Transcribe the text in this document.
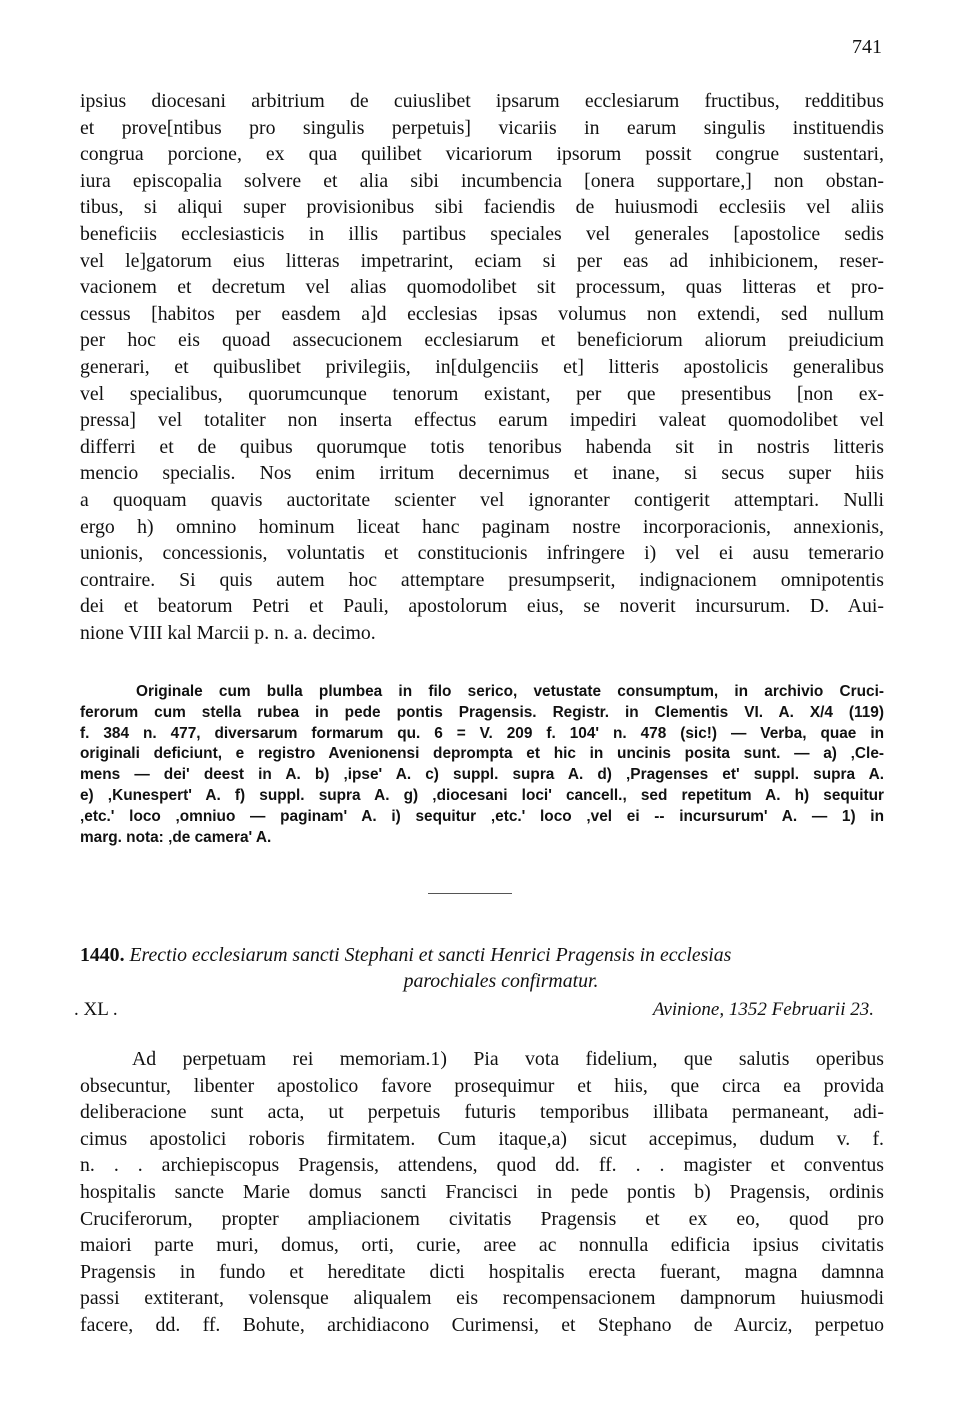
741
ipsius diocesani arbitrium de cuiuslibet ipsarum ecclesiarum fructibus, redditibus
et prove[ntibus pro singulis perpetuis] vicariis in earum singulis instituendis
congrua porcione, ex qua quilibet vicariorum ipsorum possit congrue sustentari,
iura episcopalia solvere et alia sibi incumbencia [onera supportare,] non obstan-
tibus, si aliqui super provisionibus sibi faciendis de huiusmodi ecclesiis vel aliis
beneficiis ecclesiasticis in illis partibus speciales vel generales [apostolice sedis
vel le]gatorum eius litteras impetrarint, eciam si per eas ad inhibicionem, reser-
vacionem et decretum vel alias quomodolibet sit processum, quas litteras et pro-
cessus [habitos per easdem a]d ecclesias ipsas volumus non extendi, sed nullum
per hoc eis quoad assecucionem ecclesiarum et beneficiorum aliorum preiudicium
generari, et quibuslibet privilegiis, in[dulgenciis et] litteris apostolicis generalibus
vel specialibus, quorumcunque tenorum existant, per que presentibus [non ex-
pressa] vel totaliter non inserta effectus earum impediri valeat quomodolibet vel
differri et de quibus quorumque totis tenoribus habenda sit in nostris litteris
mencio specialis. Nos enim irritum decernimus et inane, si secus super hiis
a quoquam quavis auctoritate scienter vel ignoranter contigerit attemptari. Nulli
ergo h) omnino hominum liceat hanc paginam nostre incorporacionis, annexionis,
unionis, concessionis, voluntatis et constitucionis infringere i) vel ei ausu temerario
contraire. Si quis autem hoc attemptare presumpserit, indignacionem omnipotentis
dei et beatorum Petri et Pauli, apostolorum eius, se noverit incursurum. D. Aui-
nione VIII kal Marcii p. n. a. decimo.
Originale cum bulla plumbea in filo serico, vetustate consumptum, in archivio Cruci-
ferorum cum stella rubea in pede pontis Pragensis. Registr. in Clementis VI. A. X/4 (119)
f. 384 n. 477, diversarum formarum qu. 6 = V. 209 f. 104' n. 478 (sic!) — Verba, quae in
originali deficiunt, e registro Avenionensi deprompta et hic in uncinis posita sunt. — a) ‚Cle-
mens — dei' deest in A. b) ‚ipse' A. c) suppl. supra A. d) ‚Pragenses et' suppl. supra A.
e) ‚Kunespert' A. f) suppl. supra A. g) ‚diocesani loci' cancell., sed repetitum A. h) sequitur
‚etc.' loco ‚omniuo — paginam' A. i) sequitur ‚etc.' loco ‚vel ei -- incursurum' A. — 1) in
marg. nota: ‚de camera' A.
1440. Erectio ecclesiarum sancti Stephani et sancti Henrici Pragensis in ecclesias
parochiales confirmatur.
. XL .	Avinione, 1352 Februarii 23.
Ad perpetuam rei memoriam.1) Pia vota fidelium, que salutis operibus
obsecuntur, libenter apostolico favore prosequimur et hiis, que circa ea provida
deliberacione sunt acta, ut perpetuis futuris temporibus illibata permaneant, adi-
cimus apostolici roboris firmitatem. Cum itaque,a) sicut accepimus, dudum v. f.
n. . . archiepiscopus Pragensis, attendens, quod dd. ff. . . magister et conventus
hospitalis sancte Marie domus sancti Francisci in pede pontis b) Pragensis, ordinis
Cruciferorum, propter ampliacionem civitatis Pragensis et ex eo, quod pro
maiori parte muri, domus, orti, curie, aree ac nonnulla edificia ipsius civitatis
Pragensis in fundo et hereditate dicti hospitalis erecta fuerant, magna damnna
passi extiterant, volensque aliqualem eis recompensacionem dampnorum huiusmodi
facere, dd. ff. Bohute, archidiacono Curimensi, et Stephano de Aurciz, perpetuo
